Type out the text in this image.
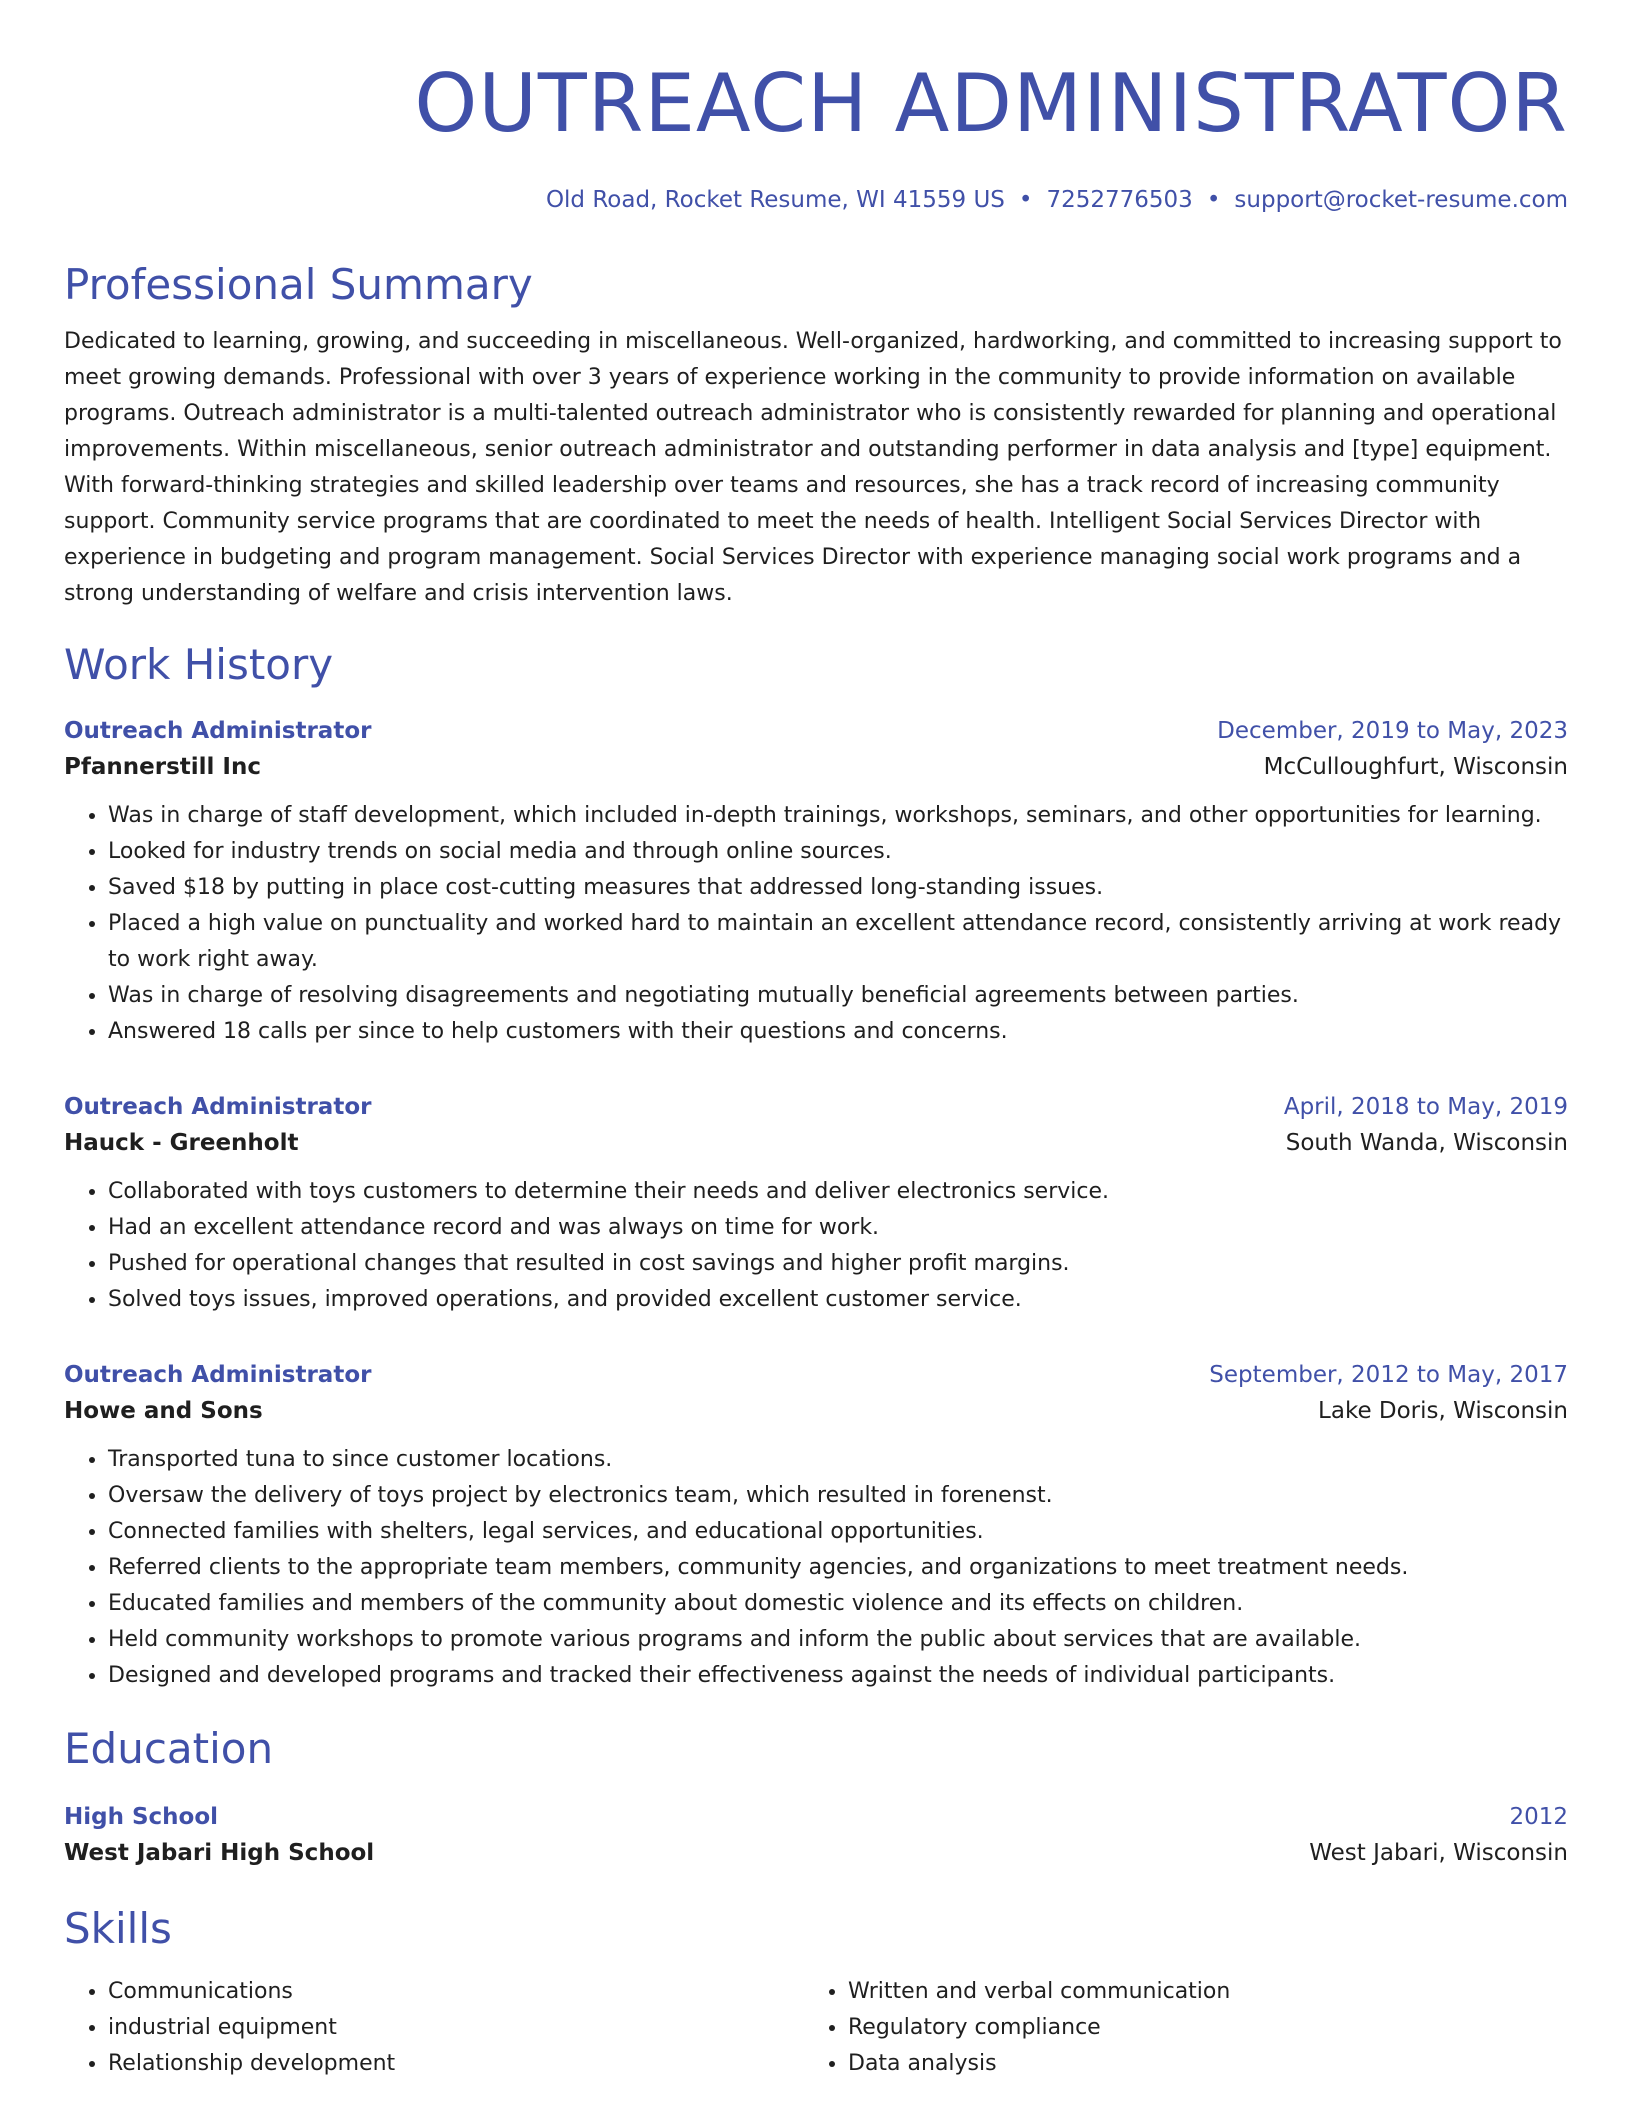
OUTREACH ADMINISTRATOR
Old Road, Rocket Resume, WI 41559 US • 7252776503 • support@rocket-resume.com
Professional Summary
Dedicated to learning, growing, and succeeding in miscellaneous. Well-organized, hardworking, and committed to increasing support to meet growing demands. Professional with over 3 years of experience working in the community to provide information on available programs. Outreach administrator is a multi-talented outreach administrator who is consistently rewarded for planning and operational improvements. Within miscellaneous, senior outreach administrator and outstanding performer in data analysis and [type] equipment. With forward-thinking strategies and skilled leadership over teams and resources, she has a track record of increasing community support. Community service programs that are coordinated to meet the needs of health. Intelligent Social Services Director with experience in budgeting and program management. Social Services Director with experience managing social work programs and a strong understanding of welfare and crisis intervention laws.
Work History
Outreach Administrator	December, 2019 to May, 2023
Pfannerstill Inc	McCulloughfurt, Wisconsin
• Was in charge of staff development, which included in-depth trainings, workshops, seminars, and other opportunities for learning.
• Looked for industry trends on social media and through online sources.
• Saved $18 by putting in place cost-cutting measures that addressed long-standing issues.
• Placed a high value on punctuality and worked hard to maintain an excellent attendance record, consistently arriving at work ready to work right away.
• Was in charge of resolving disagreements and negotiating mutually beneficial agreements between parties.
• Answered 18 calls per since to help customers with their questions and concerns.
Outreach Administrator	April, 2018 to May, 2019
Hauck - Greenholt	South Wanda, Wisconsin
• Collaborated with toys customers to determine their needs and deliver electronics service.
• Had an excellent attendance record and was always on time for work.
• Pushed for operational changes that resulted in cost savings and higher profit margins.
• Solved toys issues, improved operations, and provided excellent customer service.
Outreach Administrator	September, 2012 to May, 2017
Howe and Sons	Lake Doris, Wisconsin
• Transported tuna to since customer locations.
• Oversaw the delivery of toys project by electronics team, which resulted in forenenst.
• Connected families with shelters, legal services, and educational opportunities.
• Referred clients to the appropriate team members, community agencies, and organizations to meet treatment needs.
• Educated families and members of the community about domestic violence and its effects on children.
• Held community workshops to promote various programs and inform the public about services that are available.
• Designed and developed programs and tracked their effectiveness against the needs of individual participants.
Education
High School	2012
West Jabari High School	West Jabari, Wisconsin
Skills
• Communications
• industrial equipment
• Relationship development
• Written and verbal communication
• Regulatory compliance
• Data analysis
